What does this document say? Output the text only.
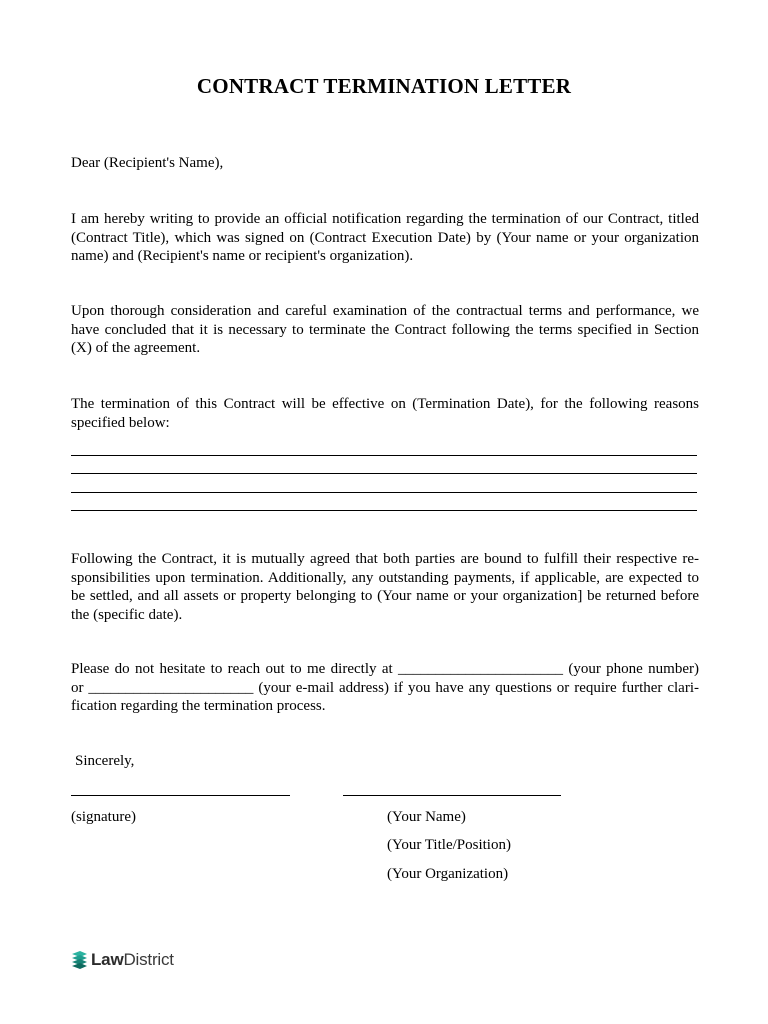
CONTRACT TERMINATION LETTER
Dear (Recipient's Name),
I am hereby writing to provide an official notification regarding the termination of our Contract, titled
(Contract Title), which was signed on (Contract Execution Date) by (Your name or your organization
name) and (Recipient's name or recipient's organization).
Upon thorough consideration and careful examination of the contractual terms and performance, we
have concluded that it is necessary to terminate the Contract following the terms specified in Section
(X) of the agreement.
The termination of this Contract will be effective on (Termination Date), for the following reasons
specified below:
Following the Contract, it is mutually agreed that both parties are bound to fulfill their respective re-
sponsibilities upon termination. Additionally, any outstanding payments, if applicable, are expected to
be settled, and all assets or property belonging to (Your name or your organization] be returned before
the (specific date).
Please do not hesitate to reach out to me directly at ______________________ (your phone number)
or ______________________ (your e-mail address) if you have any questions or require further clari-
fication regarding the termination process.
Sincerely,
(signature)	(Your Name)
(Your Title/Position)
(Your Organization)
LawDistrict
